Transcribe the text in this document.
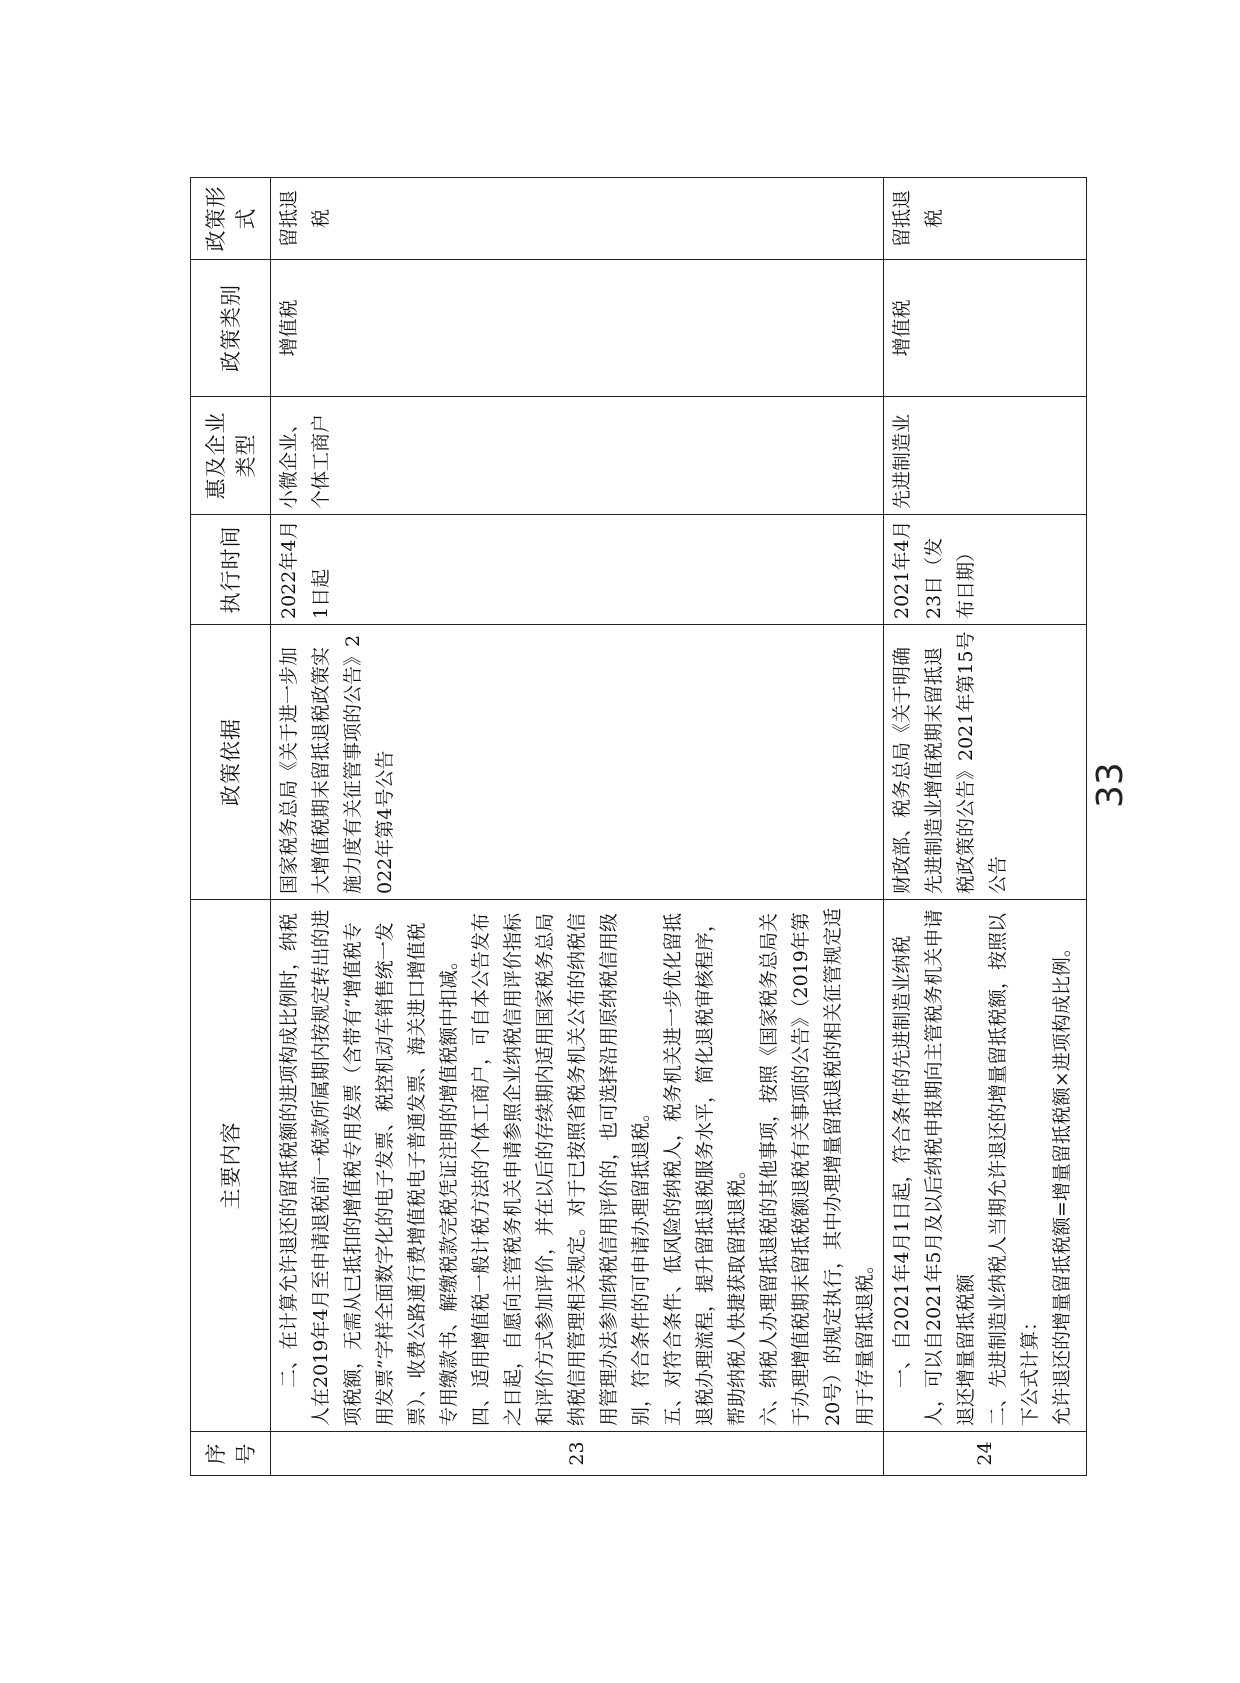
序号	主要内容	政策依据	执行时间	惠及企业类型	政策类别	政策形式
23	二、在计算允许退还的留抵税额的进项构成比例时，纳税人在2019年4月至申请退税前一税款所属期内按规定转出的进项税额，无需从已抵扣的增值税专用发票（含带有“增值税专用发票”字样全面数字化的电子发票、税控机动车销售统一发票）、收费公路通行费增值税电子普通发票、海关进口增值税专用缴款书、解缴税款完税凭证注明的增值税额中扣减。 四、适用增值税一般计税方法的个体工商户，可自本公告发布之日起，自愿向主管税务机关申请参照企业纳税信用评价指标和评价方式参加评价，并在以后的存续期内适用国家税务总局纳税信用管理相关规定。对于已按照省税务机关公布的纳税信用管理办法参加纳税信用评价的，也可选择沿用原纳税信用级别，符合条件的可申请办理留抵退税。 五、对符合条件、低风险的纳税人，税务机关进一步优化留抵退税办理流程，提升留抵退税服务水平，简化退税审核程序，帮助纳税人快捷获取留抵退税。 六、纳税人办理留抵退税的其他事项，按照《国家税务总局关于办理增值税期末留抵税额退税有关事项的公告》（2019年第20号）的规定执行，其中办理增量留抵退税的相关征管规定适用于存量留抵退税。	国家税务总局《关于进一步加大增值税期末留抵退税政策实施力度有关征管事项的公告》2022年第4号公告	2022年4月1日起	小微企业、个体工商户	增值税	留抵退税
24	一、自2021年4月1日起，符合条件的先进制造业纳税人，可以自2021年5月及以后纳税申报期向主管税务机关申请退还增量留抵税额 二、先进制造业纳税人当期允许退还的增量留抵税额，按照以下公式计算： 允许退还的增量留抵税额=增量留抵税额×进项构成比例。	财政部、税务总局《关于明确先进制造业增值税期末留抵退税政策的公告》2021年第15号公告	2021年4月23日（发布日期）	先进制造业	增值税	留抵退税
33
